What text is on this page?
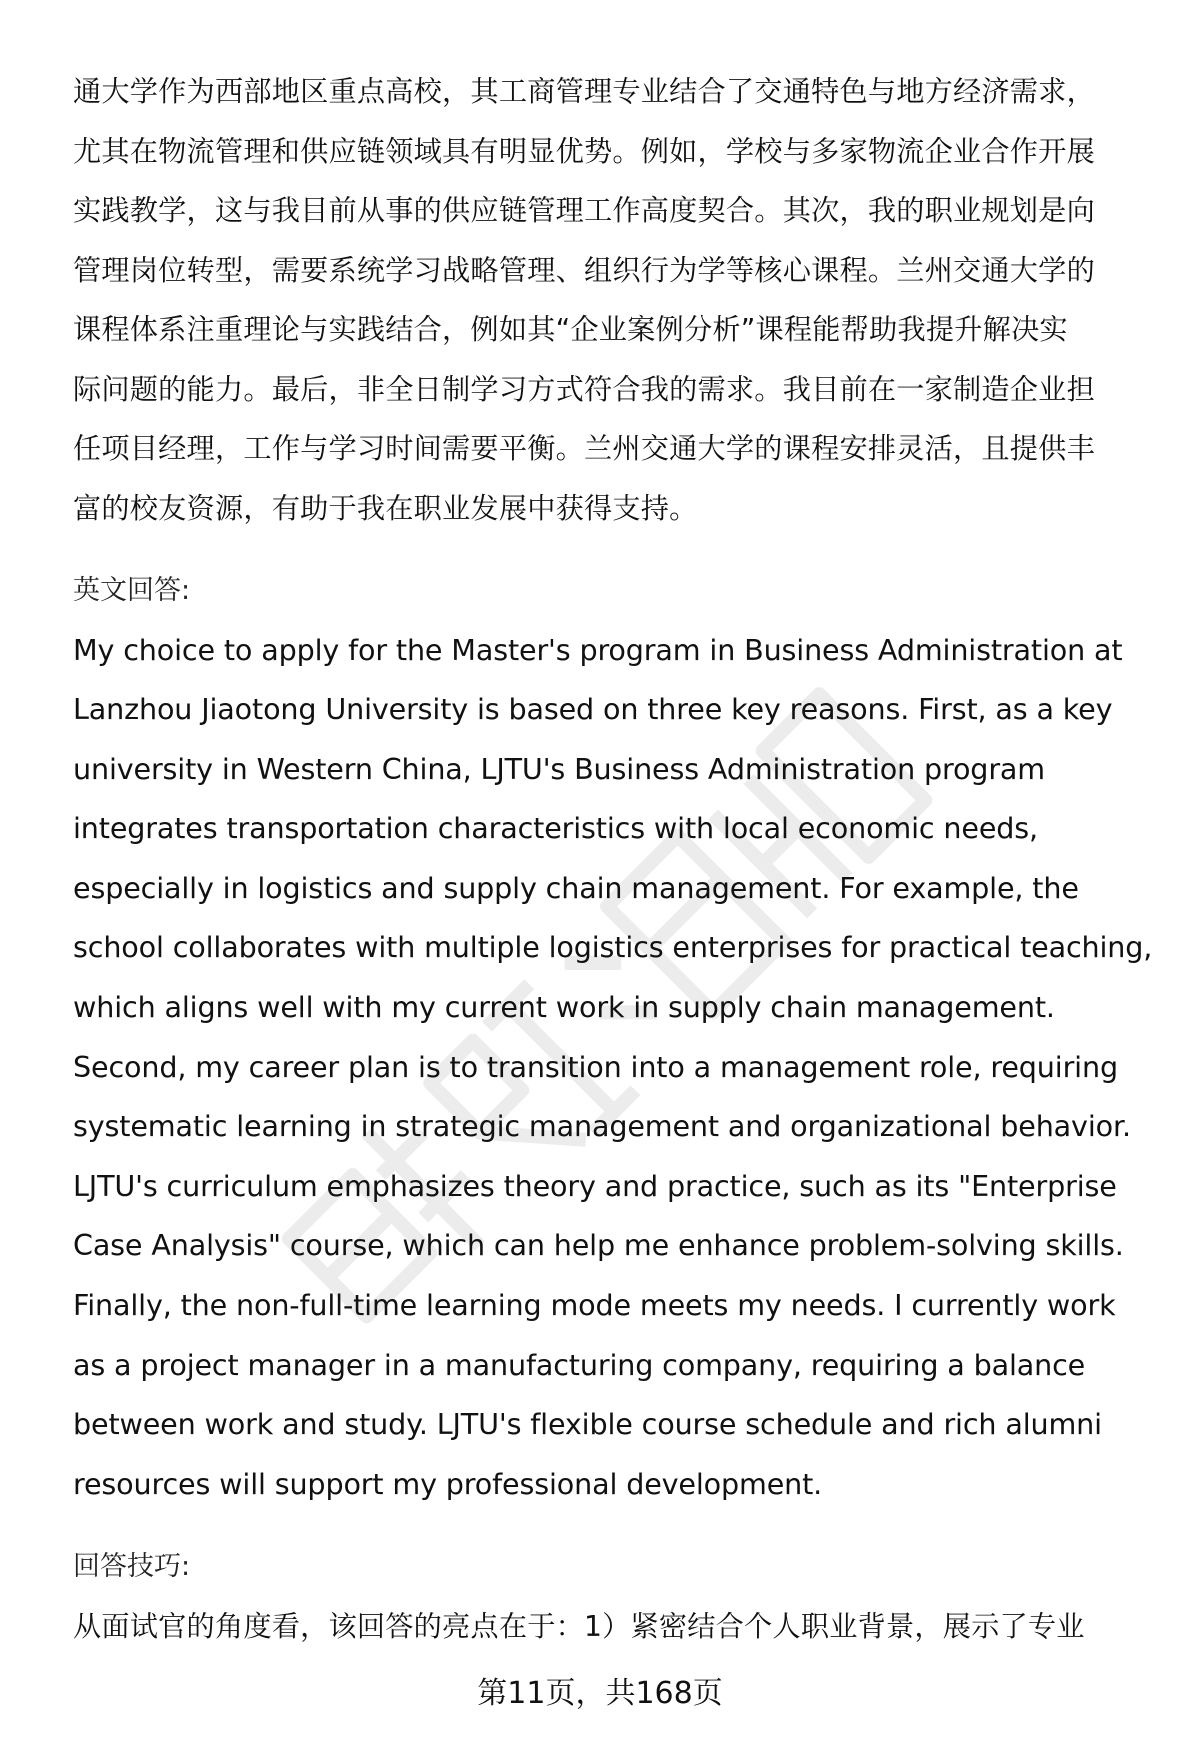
通大学作为西部地区重点高校，其工商管理专业结合了交通特色与地方经济需求，
尤其在物流管理和供应链领域具有明显优势。例如，学校与多家物流企业合作开展
实践教学，这与我目前从事的供应链管理工作高度契合。其次，我的职业规划是向
管理岗位转型，需要系统学习战略管理、组织行为学等核心课程。兰州交通大学的
课程体系注重理论与实践结合，例如其“企业案例分析”课程能帮助我提升解决实
际问题的能力。最后，非全日制学习方式符合我的需求。我目前在一家制造企业担
任项目经理，工作与学习时间需要平衡。兰州交通大学的课程安排灵活，且提供丰
富的校友资源，有助于我在职业发展中获得支持。

英文回答:

My choice to apply for the Master's program in Business Administration at
Lanzhou Jiaotong University is based on three key reasons. First, as a key
university in Western China, LJTU's Business Administration program
integrates transportation characteristics with local economic needs,
especially in logistics and supply chain management. For example, the
school collaborates with multiple logistics enterprises for practical teaching,
which aligns well with my current work in supply chain management.
Second, my career plan is to transition into a management role, requiring
systematic learning in strategic management and organizational behavior.
LJTU's curriculum emphasizes theory and practice, such as its "Enterprise
Case Analysis" course, which can help me enhance problem-solving skills.
Finally, the non-full-time learning mode meets my needs. I currently work
as a project manager in a manufacturing company, requiring a balance
between work and study. LJTU's flexible course schedule and rich alumni
resources will support my professional development.

回答技巧:

从面试官的角度看，该回答的亮点在于：1）紧密结合个人职业背景，展示了专业
第11页，共168页
